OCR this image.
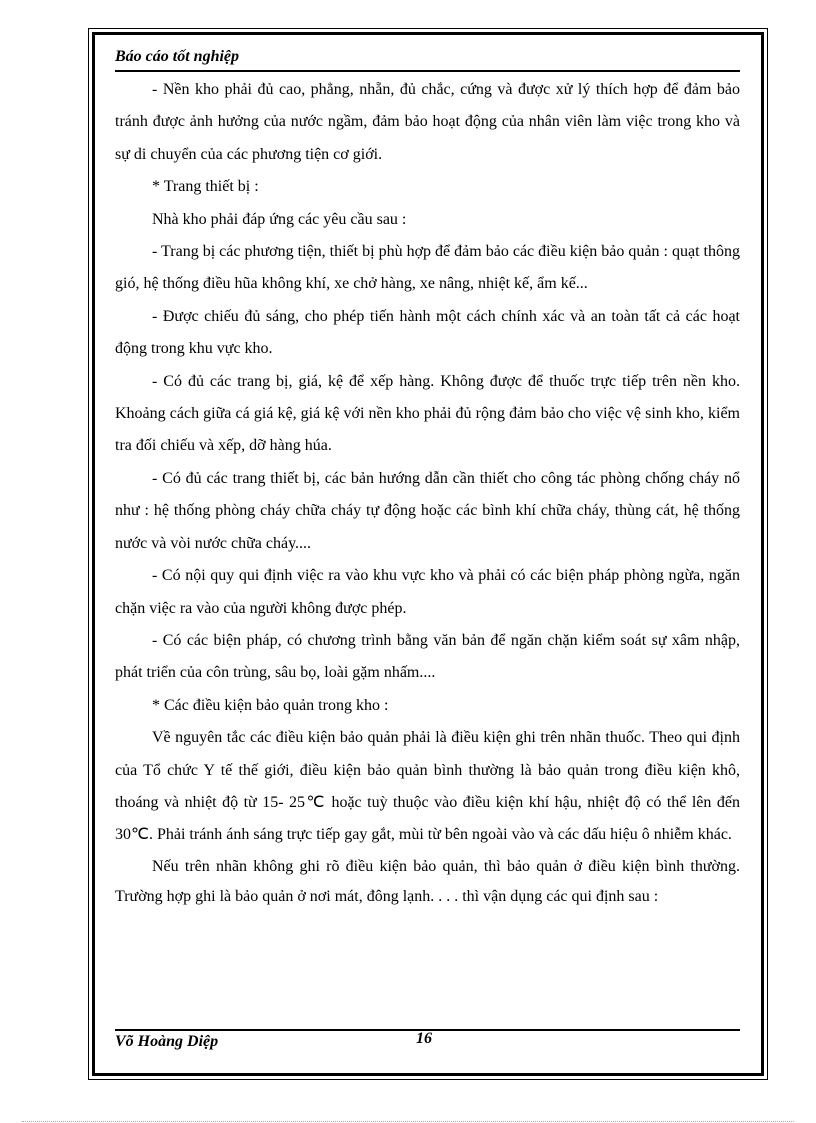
Báo cáo tốt nghiệp

- Nền kho phải đủ cao, phẳng, nhẵn, đủ chắc, cứng và được xử lý thích hợp để đảm bảo tránh được ảnh hưởng của nước ngầm, đảm bảo hoạt động của nhân viên làm việc trong kho và sự di chuyển của các phương tiện cơ giới.

* Trang thiết bị :

Nhà kho phải đáp ứng các yêu cầu sau :

- Trang bị các phương tiện, thiết bị phù hợp để đảm bảo các điều kiện bảo quản : quạt thông gió, hệ thống điều hũa không khí, xe chở hàng, xe nâng, nhiệt kế, ẩm kế...

- Được chiếu đủ sáng, cho phép tiến hành một cách chính xác và an toàn tất cả các hoạt động trong khu vực kho.

- Có đủ các trang bị, giá, kệ để xếp hàng. Không được để thuốc trực tiếp trên nền kho. Khoảng cách giữa cá giá kệ, giá kệ với nền kho phải đủ rộng đảm bảo cho việc vệ sinh kho, kiểm tra đối chiếu và xếp, dỡ hàng húa.

- Có đủ các trang thiết bị, các bản hướng dẫn cần thiết cho công tác phòng chống cháy nổ như : hệ thống phòng cháy chữa cháy tự động hoặc các bình khí chữa cháy, thùng cát, hệ thống nước và vòi nước chữa cháy....

- Có nội quy qui định việc ra vào khu vực kho và phải có các biện pháp phòng ngừa, ngăn chặn việc ra vào của người không được phép.

- Có các biện pháp, có chương trình bằng văn bản để ngăn chặn kiểm soát sự xâm nhập, phát triển của côn trùng, sâu bọ, loài gặm nhấm....

* Các điều kiện bảo quản trong kho :

Về nguyên tắc các điều kiện bảo quản phải là điều kiện ghi trên nhãn thuốc. Theo qui định của Tổ chức Y tế thế giới, điều kiện bảo quản bình thường là bảo quản trong điều kiện khô, thoáng và nhiệt độ từ 15- 25℃ hoặc tuỳ thuộc vào điều kiện khí hậu, nhiệt độ có thể lên đến 30℃. Phải tránh ánh sáng trực tiếp gay gắt, mùi từ bên ngoài vào và các dấu hiệu ô nhiễm khác.

Nếu trên nhãn không ghi rõ điều kiện bảo quản, thì bảo quản ở điều kiện bình thường. Trường hợp ghi là bảo quản ở nơi mát, đông lạnh. . . . thì vận dụng các qui định sau :

Võ Hoàng Diệp	16
